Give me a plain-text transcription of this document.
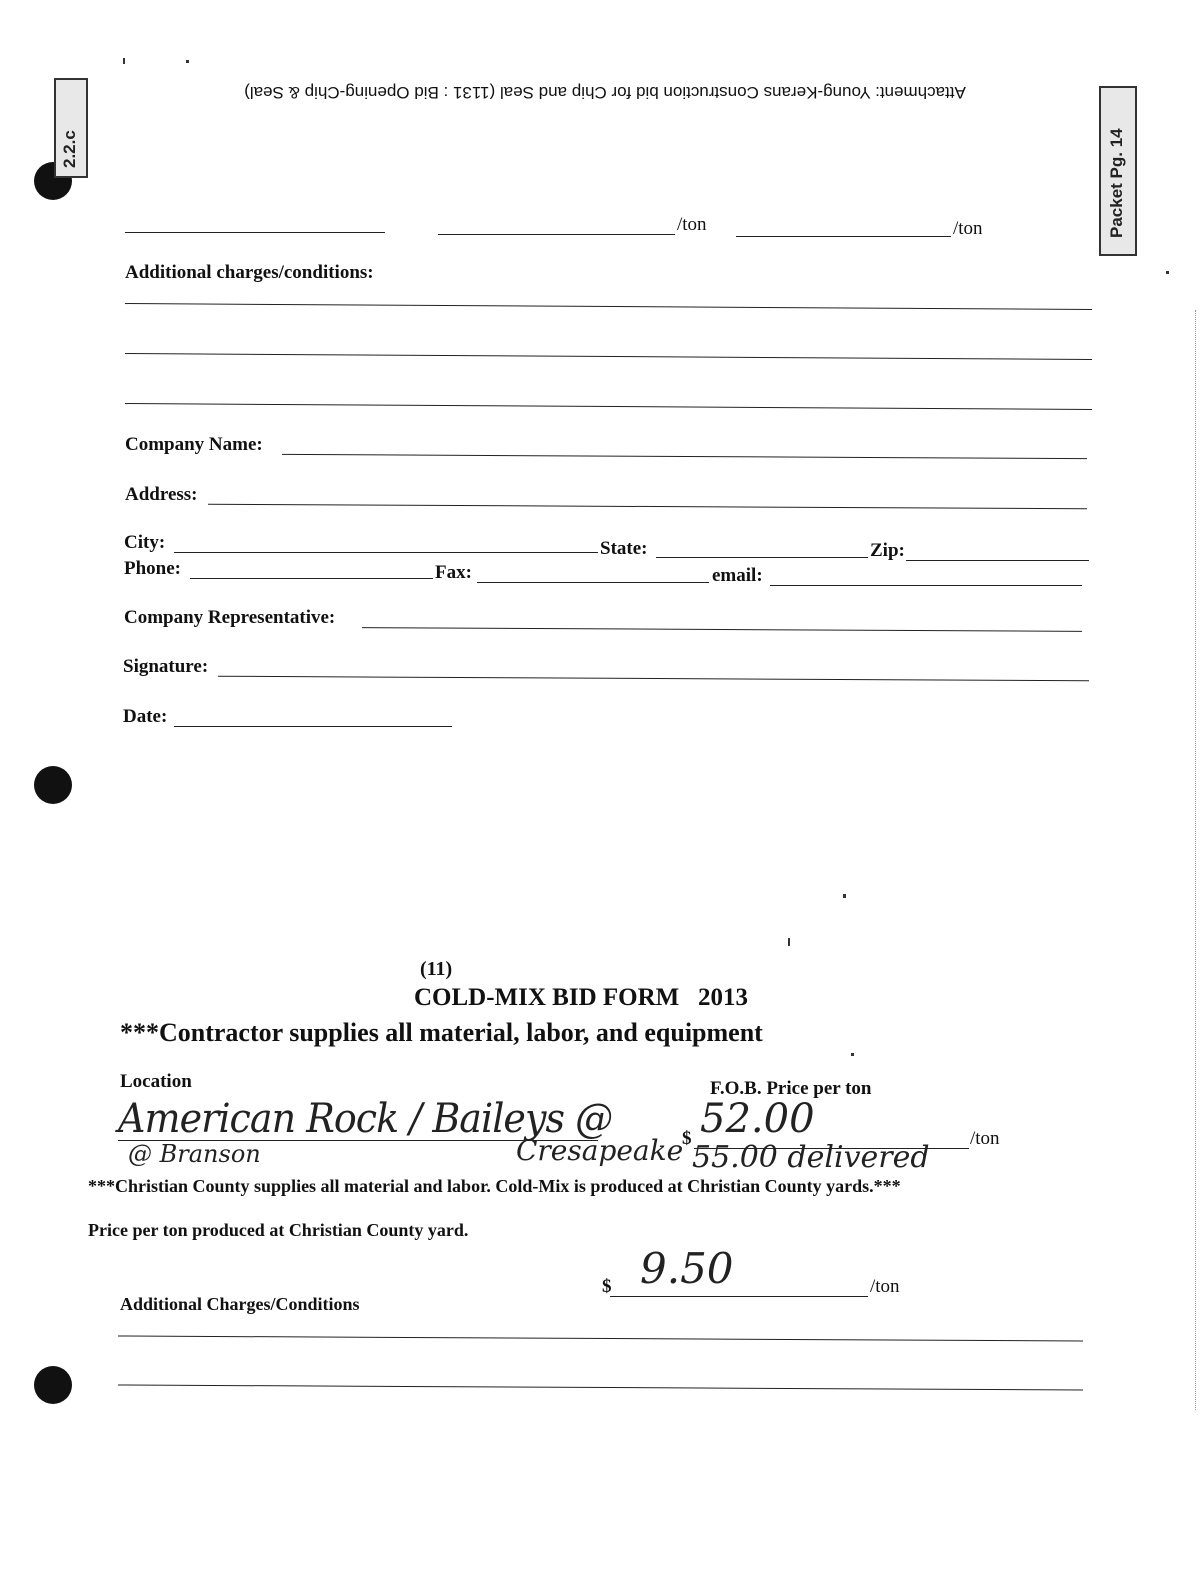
2.2.c	Packet Pg. 14
Attachment: Young-Kerans Construction bid for Chip and Seal (1131 : Bid Opening-Chip & Seal)
/ton	/ton
Additional charges/conditions:
Company Name:
Address:
City:	State:	Zip:
Phone:	Fax:	email:
Company Representative:
Signature:
Date:
(11)
COLD-MIX BID FORM   2013
***Contractor supplies all material, labor, and equipment
Location	F.O.B. Price per ton
American Rock / Baileys @
@ Branson	Cresapeake
$ 52.00	/ton
55.00 delivered
***Christian County supplies all material and labor. Cold-Mix is produced at Christian County yards.***
Price per ton produced at Christian County yard.
$ 9.50	/ton
Additional Charges/Conditions
